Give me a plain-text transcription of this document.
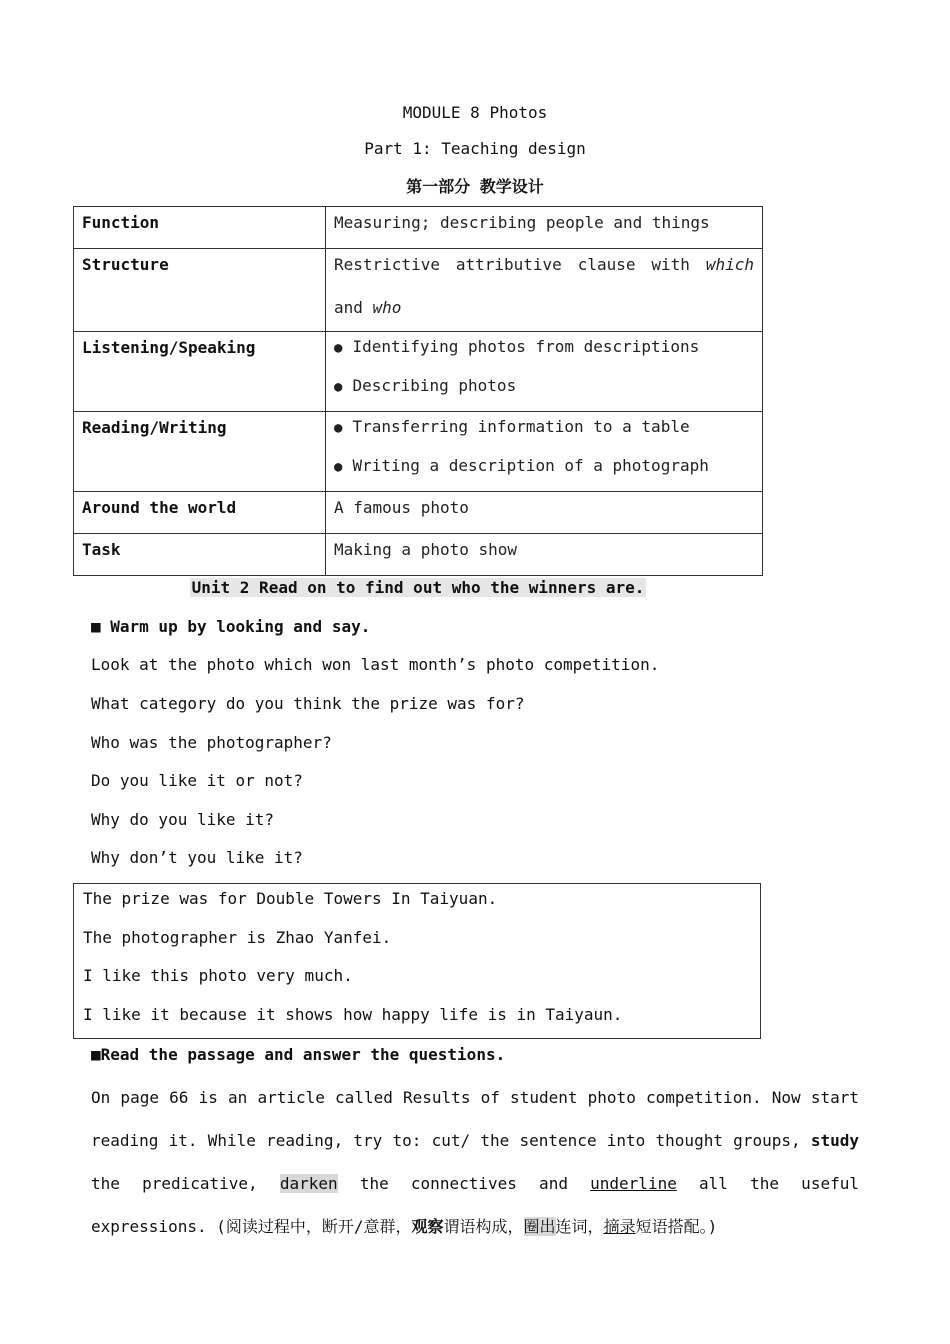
MODULE 8 Photos
Part 1: Teaching design
第一部分 教学设计
Function	Measuring; describing people and things
Structure	Restrictive attributive clause with which
and who

Listening/Speaking	● Identifying photos from descriptions
● Describing photos

Reading/Writing	● Transferring information to a table
● Writing a description of a photograph

Around the world	A famous photo
Task	Making a photo show
Unit 2 Read on to find out who the winners are.
■ Warm up by looking and say.
Look at the photo which won last month’s photo competition.
What category do you think the prize was for?
Who was the photographer?
Do you like it or not?
Why do you like it?
Why don’t you like it?
The prize was for Double Towers In Taiyuan.
The photographer is Zhao Yanfei.
I like this photo very much.
I like it because it shows how happy life is in Taiyaun.
■Read the passage and answer the questions.
On page 66 is an article called Results of student photo competition. Now start reading it. While reading, try to: cut/ the sentence into thought groups, study the predicative, darken the connectives and underline all the useful expressions. (阅读过程中，断开/意群，观察谓语构成，圈出连词，摘录短语搭配。)
